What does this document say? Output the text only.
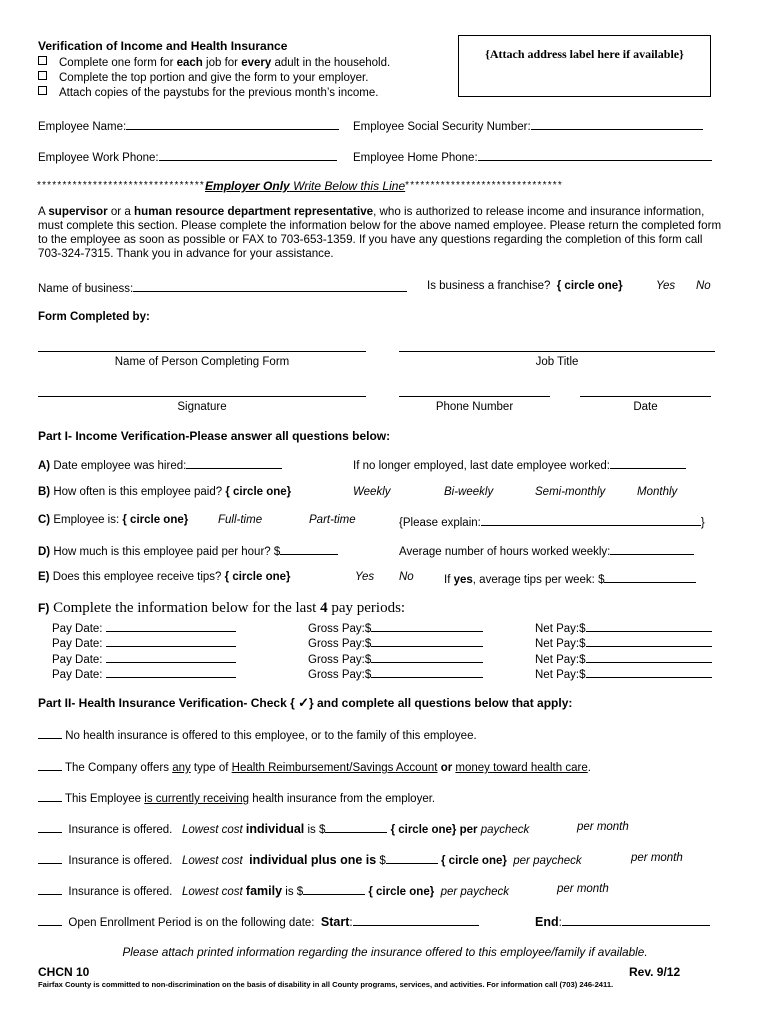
Verification of Income and Health Insurance
Complete one form for each job for every adult in the household.
Complete the top portion and give the form to your employer.
Attach copies of the paystubs for the previous month’s income.
{Attach address label here if available}
Employee Name:	Employee Social Security Number:
Employee Work Phone:	Employee Home Phone:
*********************************Employer Only Write Below this Line*******************************
A supervisor or a human resource department representative, who is authorized to release income and insurance information, must complete this section. Please complete the information below for the above named employee. Please return the completed form to the employee as soon as possible or FAX to 703-653-1359. If you have any questions regarding the completion of this form call 703-324-7315. Thank you in advance for your assistance.
Name of business:	Is business a franchise? { circle one}	Yes No
Form Completed by:
Name of Person Completing Form	Job Title
Signature	Phone Number	Date
Part I- Income Verification-Please answer all questions below:
A) Date employee was hired:	If no longer employed, last date employee worked:
B) How often is this employee paid? { circle one}	Weekly	Bi-weekly	Semi-monthly	Monthly
C) Employee is: { circle one}	Full-time	Part-time	{Please explain:	}
D) How much is this employee paid per hour? $	Average number of hours worked weekly:
E) Does this employee receive tips? { circle one}	Yes No	If yes, average tips per week: $
F) Complete the information below for the last 4 pay periods:
Pay Date:	Gross Pay:$	Net Pay:$
Pay Date:	Gross Pay:$	Net Pay:$
Pay Date:	Gross Pay:$	Net Pay:$
Pay Date:	Gross Pay:$	Net Pay:$
Part II- Health Insurance Verification- Check { ✓} and complete all questions below that apply:
No health insurance is offered to this employee, or to the family of this employee.
The Company offers any type of Health Reimbursement/Savings Account or money toward health care.
This Employee is currently receiving health insurance from the employer.
Insurance is offered. Lowest cost individual is $	{ circle one} per paycheck	per month
Insurance is offered. Lowest cost individual plus one is $	{ circle one} per paycheck	per month
Insurance is offered. Lowest cost family is $	{ circle one} per paycheck	per month
Open Enrollment Period is on the following date: Start:	End:
Please attach printed information regarding the insurance offered to this employee/family if available.
CHCN 10	Rev. 9/12
Fairfax County is committed to non-discrimination on the basis of disability in all County programs, services, and activities. For information call (703) 246-2411.
